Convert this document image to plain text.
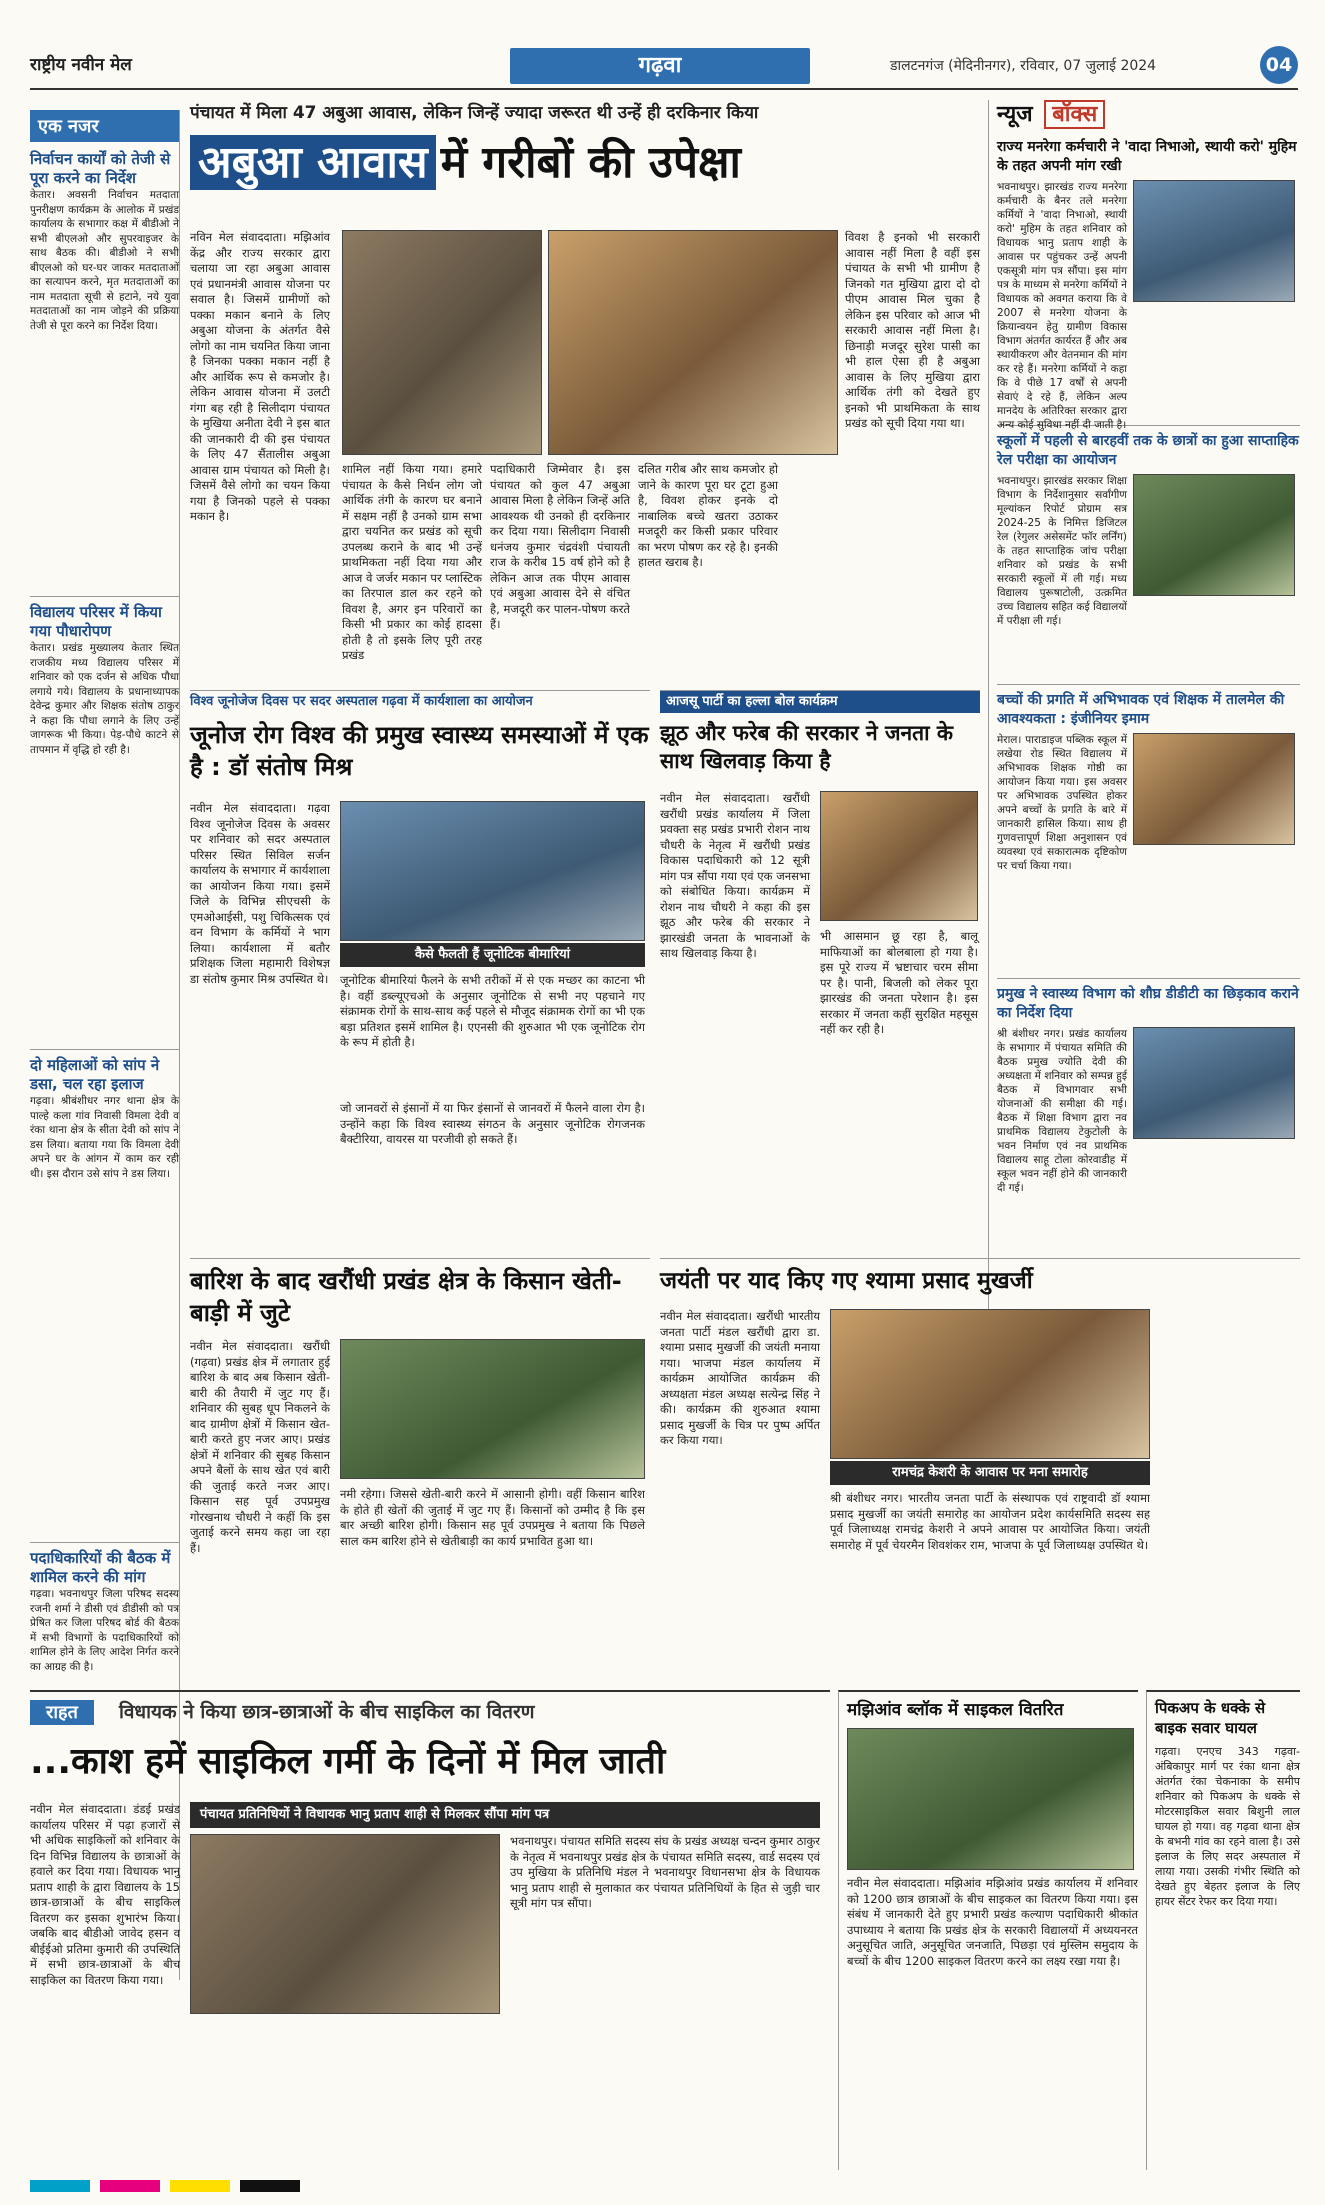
राष्ट्रीय नवीन मेल	गढ़वा	डालटनगंज (मेदिनीनगर), रविवार, 07 जुलाई 2024	04
एक नजर
निर्वाचन कार्यों को तेजी से पूरा करने का निर्देश
केतार। अवसनी निर्वाचन मतदाता पुनरीक्षण कार्यक्रम के आलोक में प्रखंड कार्यालय के सभागार कक्ष में बीडीओ ने सभी बीएलओ और सुपरवाइजर के साथ बैठक की। बीडीओ ने सभी बीएलओ को घर-घर जाकर मतदाताओं का सत्यापन करने, मृत मतदाताओं का नाम मतदाता सूची से हटाने, नये युवा मतदाताओं का नाम जोड़ने की प्रक्रिया तेजी से पूरा करने का निर्देश दिया।
विद्यालय परिसर में किया गया पौधारोपण
केतार। प्रखंड मुख्यालय केतार स्थित राजकीय मध्य विद्यालय परिसर में शनिवार को एक दर्जन से अधिक पौधा लगाये गये। विद्यालय के प्रधानाध्यापक देवेन्द्र कुमार और शिक्षक संतोष ठाकुर ने कहा कि पौधा लगाने के लिए उन्हें जागरूक भी किया। पेड़-पौधे काटने से तापमान में वृद्धि हो रही है।
दो महिलाओं को सांप ने डसा, चल रहा इलाज
गढ़वा। श्रीबंशीधर नगर थाना क्षेत्र के पाल्हे कला गांव निवासी विमला देवी व रंका थाना क्षेत्र के सीता देवी को सांप ने डस लिया। बताया गया कि विमला देवी अपने घर के आंगन में काम कर रही थी। इस दौरान उसे सांप ने डस लिया।
पदाधिकारियों की बैठक में शामिल करने की मांग
गढ़वा। भवनाथपुर जिला परिषद सदस्य रजनी शर्मा ने डीसी एवं डीडीसी को पत्र प्रेषित कर जिला परिषद बोर्ड की बैठक में सभी विभागों के पदाधिकारियों को शामिल होने के लिए आदेश निर्गत करने का आग्रह की है।
पंचायत में मिला 47 अबुआ आवास, लेकिन जिन्हें ज्यादा जरूरत थी उन्हें ही दरकिनार किया
अबुआ आवास में गरीबों की उपेक्षा
नविन मेल संवाददाता। मझिआंव केंद्र और राज्य सरकार द्वारा चलाया जा रहा अबुआ आवास एवं प्रधानमंत्री आवास योजना पर सवाल है। जिसमें ग्रामीणों को पक्का मकान बनाने के लिए अबुआ योजना के अंतर्गत वैसे लोगो का नाम चयनित किया जाना है जिनका पक्का मकान नहीं है और आर्थिक रूप से कमजोर है। लेकिन आवास योजना में उलटी गंगा बह रही है सिलीदाग पंचायत के मुखिया अनीता देवी ने इस बात की जानकारी दी की इस पंचायत के लिए 47 सैंतालीस अबुआ आवास ग्राम पंचायत को मिली है। जिसमें वैसे लोगो का चयन किया गया है जिनको पहले से पक्का मकान है।
शामिल नहीं किया गया। हमारे पंचायत के कैसे निर्धन लोग जो आर्थिक तंगी के कारण घर बनाने में सक्षम नहीं है उनको ग्राम सभा द्वारा चयनित कर प्रखंड को सूची उपलब्ध कराने के बाद भी उन्हें प्राथमिकता नहीं दिया गया और आज वे जर्जर मकान पर प्लास्टिक का तिरपाल डाल कर रहने को विवश है, अगर इन परिवारों का किसी भी प्रकार का कोई हादसा होती है तो इसके लिए पूरी तरह प्रखंड
पदाधिकारी जिम्मेवार है। इस पंचायत को कुल 47 अबुआ आवास मिला है लेकिन जिन्हें अति आवश्यक थी उनको ही दरकिनार कर दिया गया। सिलीदाग निवासी धनंजय कुमार चंद्रवंशी पंचायती राज के करीब 15 वर्ष होने को है लेकिन आज तक पीएम आवास एवं अबुआ आवास देने से वंचित है, मजदूरी कर पालन-पोषण करते हैं।
दलित गरीब और साथ कमजोर हो जाने के कारण पूरा घर टूटा हुआ है, विवश होकर इनके दो नाबालिक बच्चे खतरा उठाकर मजदूरी कर किसी प्रकार परिवार का भरण पोषण कर रहे है। इनकी हालत खराब है।
विवश है इनको भी सरकारी आवास नहीं मिला है वहीं इस पंचायत के सभी भी ग्रामीण है जिनको गत मुखिया द्वारा दो दो पीएम आवास मिल चुका है लेकिन इस परिवार को आज भी सरकारी आवास नहीं मिला है। छिनाड़ी मजदूर सुरेश पासी का भी हाल ऐसा ही है अबुआ आवास के लिए मुखिया द्वारा आर्थिक तंगी को देखते हुए इनको भी प्राथमिकता के साथ प्रखंड को सूची दिया गया था।
न्यूज बॉक्स
राज्य मनरेगा कर्मचारी ने 'वादा निभाओ, स्थायी करो' मुहिम के तहत अपनी मांग रखी
भवनाथपुर। झारखंड राज्य मनरेगा कर्मचारी के बैनर तले मनरेगा कर्मियों ने 'वादा निभाओ, स्थायी करो' मुहिम के तहत शनिवार को विधायक भानु प्रताप शाही के आवास पर पहुंचकर उन्हें अपनी एकसूत्री मांग पत्र सौंपा। इस मांग पत्र के माध्यम से मनरेगा कर्मियों ने विधायक को अवगत कराया कि वे 2007 से मनरेगा योजना के क्रियान्वयन हेतु ग्रामीण विकास विभाग अंतर्गत कार्यरत हैं और अब स्थायीकरण और वेतनमान की मांग कर रहे हैं। मनरेगा कर्मियों ने कहा कि वे पीछे 17 वर्षों से अपनी सेवाएं दे रहे हैं, लेकिन अल्प मानदेय के अतिरिक्त सरकार द्वारा अन्य कोई सुविधा नहीं दी जाती है।
स्कूलों में पहली से बारहवीं तक के छात्रों का हुआ साप्ताहिक रेल परीक्षा का आयोजन
भवनाथपुर। झारखंड सरकार शिक्षा विभाग के निर्देशानुसार सर्वांगीण मूल्यांकन रिपोर्ट प्रोग्राम सत्र 2024-25 के निमित्त डिजिटल रेल (रेगुलर असेसमेंट फॉर लर्निंग) के तहत साप्ताहिक जांच परीक्षा शनिवार को प्रखंड के सभी सरकारी स्कूलों में ली गई। मध्य विद्यालय पुरूषाटोली, उत्क्रमित उच्च विद्यालय सहित कई विद्यालयों में परीक्षा ली गई।
बच्चों की प्रगति में अभिभावक एवं शिक्षक में तालमेल की आवश्यकता : इंजीनियर इमाम
मेराल। पाराडाइज पब्लिक स्कूल में लखेया रोड स्थित विद्यालय में अभिभावक शिक्षक गोष्ठी का आयोजन किया गया। इस अवसर पर अभिभावक उपस्थित होकर अपने बच्चों के प्रगति के बारे में जानकारी हासिल किया। साथ ही गुणवत्तापूर्ण शिक्षा अनुशासन एवं व्यवस्था एवं सकारात्मक दृष्टिकोण पर चर्चा किया गया।
प्रमुख ने स्वास्थ्य विभाग को शौघ्र डीडीटी का छिड़काव कराने का निर्देश दिया
श्री बंशीधर नगर। प्रखंड कार्यालय के सभागार में पंचायत समिति की बैठक प्रमुख ज्योति देवी की अध्यक्षता में शनिवार को सम्पन्न हुई बैठक में विभागवार सभी योजनाओं की समीक्षा की गई। बैठक में शिक्षा विभाग द्वारा नव प्राथमिक विद्यालय टेकुटोली के भवन निर्माण एवं नव प्राथमिक विद्यालय साहू टोला कोरवाडीह में स्कूल भवन नहीं होने की जानकारी दी गई।
विश्व जूनोजेज दिवस पर सदर अस्पताल गढ़वा में कार्यशाला का आयोजन
जूनोज रोग विश्व की प्रमुख स्वास्थ्य समस्याओं में एक है : डॉ संतोष मिश्र
नवीन मेल संवाददाता। गढ़वा विश्व जूनोजेज दिवस के अवसर पर शनिवार को सदर अस्पताल परिसर स्थित सिविल सर्जन कार्यालय के सभागार में कार्यशाला का आयोजन किया गया। इसमें जिले के विभिन्न सीएचसी के एमओआईसी, पशु चिकित्सक एवं वन विभाग के कर्मियों ने भाग लिया। कार्यशाला में बतौर प्रशिक्षक जिला महामारी विशेषज्ञ डा संतोष कुमार मिश्र उपस्थित थे।
कैसे फैलती हैं जूनोटिक बीमारियां
जूनोटिक बीमारियां फैलने के सभी तरीकों में से एक मच्छर का काटना भी है। वहीं डब्ल्यूएचओ के अनुसार जूनोटिक से सभी नए पहचाने गए संक्रामक रोगों के साथ-साथ कई पहले से मौजूद संक्रामक रोगों का भी एक बड़ा प्रतिशत इसमें शामिल है। एएनसी की शुरुआत भी एक जूनोटिक रोग के रूप में होती है।
जो जानवरों से इंसानों में या फिर इंसानों से जानवरों में फैलने वाला रोग है। उन्होंने कहा कि विश्व स्वास्थ्य संगठन के अनुसार जूनोटिक रोगजनक बैक्टीरिया, वायरस या परजीवी हो सकते हैं।
आजसू पार्टी का हल्ला बोल कार्यक्रम
झूठ और फरेब की सरकार ने जनता के साथ खिलवाड़ किया है
नवीन मेल संवाददाता। खरौंधी खरौंधी प्रखंड कार्यालय में जिला प्रवक्ता सह प्रखंड प्रभारी रोशन नाथ चौधरी के नेतृत्व में खरौंधी प्रखंड विकास पदाधिकारी को 12 सूत्री मांग पत्र सौंपा गया एवं एक जनसभा को संबोधित किया। कार्यक्रम में रोशन नाथ चौधरी ने कहा की इस झूठ और फरेब की सरकार ने झारखंडी जनता के भावनाओं के साथ खिलवाड़ किया है।
भी आसमान छू रहा है, बालू माफियाओं का बोलबाला हो गया है। इस पूरे राज्य में भ्रष्टाचार चरम सीमा पर है। पानी, बिजली को लेकर पूरा झारखंड की जनता परेशान है। इस सरकार में जनता कहीं सुरक्षित महसूस नहीं कर रही है।
बारिश के बाद खरौंधी प्रखंड क्षेत्र के किसान खेती-बाड़ी में जुटे
नवीन मेल संवाददाता। खरौंधी (गढ़वा) प्रखंड क्षेत्र में लगातार हुई बारिश के बाद अब किसान खेती-बारी की तैयारी में जुट गए हैं। शनिवार की सुबह धूप निकलने के बाद ग्रामीण क्षेत्रों में किसान खेत-बारी करते हुए नजर आए। प्रखंड क्षेत्रों में शनिवार की सुबह किसान अपने बैलों के साथ खेत एवं बारी की जुताई करते नजर आए। किसान सह पूर्व उपप्रमुख गोरखनाथ चौधरी ने कहीं कि इस जुताई करने समय कहा जा रहा हैं।
नमी रहेगा। जिससे खेती-बारी करने में आसानी होगी। वहीं किसान बारिश के होते ही खेतों की जुताई में जुट गए हैं। किसानों को उम्मीद है कि इस बार अच्छी बारिश होगी। किसान सह पूर्व उपप्रमुख ने बताया कि पिछले साल कम बारिश होने से खेतीबाड़ी का कार्य प्रभावित हुआ था।
जयंती पर याद किए गए श्यामा प्रसाद मुखर्जी
नवीन मेल संवाददाता। खरौंधी भारतीय जनता पार्टी मंडल खरौंधी द्वारा डा. श्यामा प्रसाद मुखर्जी की जयंती मनाया गया। भाजपा मंडल कार्यालय में कार्यक्रम आयोजित कार्यक्रम की अध्यक्षता मंडल अध्यक्ष सत्येन्द्र सिंह ने की। कार्यक्रम की शुरुआत श्यामा प्रसाद मुखर्जी के चित्र पर पुष्प अर्पित कर किया गया।
रामचंद्र केशरी के आवास पर मना समारोह
श्री बंशीधर नगर। भारतीय जनता पार्टी के संस्थापक एवं राष्ट्रवादी डॉ श्यामा प्रसाद मुखर्जी का जयंती समारोह का आयोजन प्रदेश कार्यसमिति सदस्य सह पूर्व जिलाध्यक्ष रामचंद्र केशरी ने अपने आवास पर आयोजित किया। जयंती समारोह में पूर्व चेयरमैन शिवशंकर राम, भाजपा के पूर्व जिलाध्यक्ष उपस्थित थे।
राहत विधायक ने किया छात्र-छात्राओं के बीच साइकिल का वितरण
...काश हमें साइकिल गर्मी के दिनों में मिल जाती
नवीन मेल संवाददाता। डंडई प्रखंड कार्यालय परिसर में पढ़ा हजारों से भी अधिक साइकिलों को शनिवार के दिन विभिन्न विद्यालय के छात्राओं के हवाले कर दिया गया। विधायक भानु प्रताप शाही के द्वारा विद्यालय के 15 छात्र-छात्राओं के बीच साइकिल वितरण कर इसका शुभारंभ किया। जबकि बाद बीडीओ जावेद हसन व बीईईओ प्रतिमा कुमारी की उपस्थिति में सभी छात्र-छात्राओं के बीच साइकिल का वितरण किया गया।
पंचायत प्रतिनिधियों ने विधायक भानु प्रताप शाही से मिलकर सौंपा मांग पत्र
भवनाथपुर। पंचायत समिति सदस्य संघ के प्रखंड अध्यक्ष चन्दन कुमार ठाकुर के नेतृत्व में भवनाथपुर प्रखंड क्षेत्र के पंचायत समिति सदस्य, वार्ड सदस्य एवं उप मुखिया के प्रतिनिधि मंडल ने भवनाथपुर विधानसभा क्षेत्र के विधायक भानु प्रताप शाही से मुलाकात कर पंचायत प्रतिनिधियों के हित से जुड़ी चार सूत्री मांग पत्र सौंपा।
मझिआंव ब्लॉक में साइकल वितरित
नवीन मेल संवाददाता। मझिआंव मझिआंव प्रखंड कार्यालय में शनिवार को 1200 छात्र छात्राओं के बीच साइकल का वितरण किया गया। इस संबंध में जानकारी देते हुए प्रभारी प्रखंड कल्याण पदाधिकारी श्रीकांत उपाध्याय ने बताया कि प्रखंड क्षेत्र के सरकारी विद्यालयों में अध्ययनरत अनुसूचित जाति, अनुसूचित जनजाति, पिछड़ा एवं मुस्लिम समुदाय के बच्चों के बीच 1200 साइकल वितरण करने का लक्ष्य रखा गया है।
पिकअप के धक्के से बाइक सवार घायल
गढ़वा। एनएच 343 गढ़वा-अंबिकापुर मार्ग पर रंका थाना क्षेत्र अंतर्गत रंका चेकनाका के समीप शनिवार को पिकअप के धक्के से मोटरसाइकिल सवार बिशुनी लाल घायल हो गया। वह गढ़वा थाना क्षेत्र के बभनी गांव का रहने वाला है। उसे इलाज के लिए सदर अस्पताल में लाया गया। उसकी गंभीर स्थिति को देखते हुए बेहतर इलाज के लिए हायर सेंटर रेफर कर दिया गया।
